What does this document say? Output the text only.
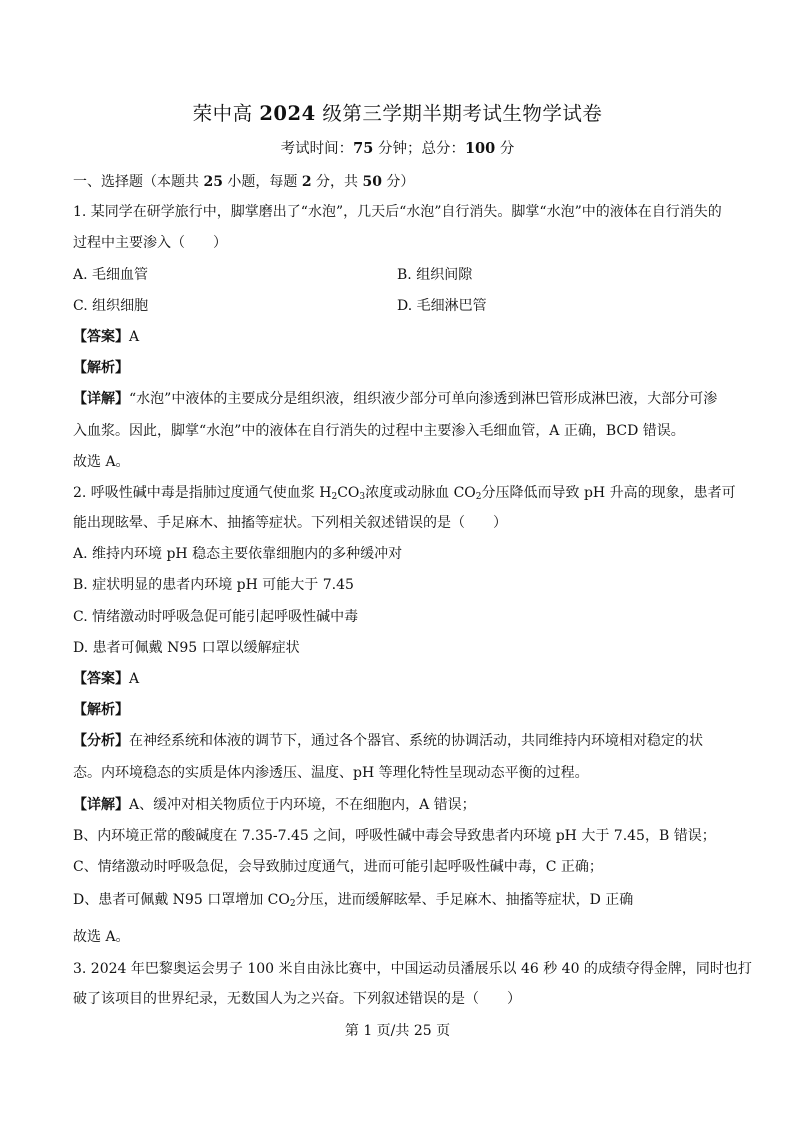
荣中高 2024 级第三学期半期考试生物学试卷
考试时间：75 分钟；总分：100 分
一、选择题（本题共 25 小题，每题 2 分，共 50 分）
1. 某同学在研学旅行中，脚掌磨出了“水泡”，几天后“水泡”自行消失。脚掌“水泡”中的液体在自行消失的
过程中主要渗入（　　）
A. 毛细血管	B. 组织间隙
C. 组织细胞	D. 毛细淋巴管
【答案】A
【解析】
【详解】“水泡”中液体的主要成分是组织液，组织液少部分可单向渗透到淋巴管形成淋巴液，大部分可渗
入血浆。因此，脚掌“水泡”中的液体在自行消失的过程中主要渗入毛细血管，A 正确，BCD 错误。
故选 A。
2. 呼吸性碱中毒是指肺过度通气使血浆 $H_2CO_3$浓度或动脉血 $CO_2$分压降低而导致 pH 升高的现象，患者可
能出现眩晕、手足麻木、抽搐等症状。下列相关叙述错误的是（　　）
A. 维持内环境 pH 稳态主要依靠细胞内的多种缓冲对
B. 症状明显的患者内环境 pH 可能大于 7.45
C. 情绪激动时呼吸急促可能引起呼吸性碱中毒
D. 患者可佩戴 N95 口罩以缓解症状
【答案】A
【解析】
【分析】在神经系统和体液的调节下，通过各个器官、系统的协调活动，共同维持内环境相对稳定的状
态。内环境稳态的实质是体内渗透压、温度、pH 等理化特性呈现动态平衡的过程。
【详解】A、缓冲对相关物质位于内环境，不在细胞内，A 错误；
B、内环境正常的酸碱度在 7.35-7.45 之间，呼吸性碱中毒会导致患者内环境 pH 大于 7.45，B 错误；
C、情绪激动时呼吸急促，会导致肺过度通气，进而可能引起呼吸性碱中毒，C 正确；
D、患者可佩戴 N95 口罩增加 $CO_2$分压，进而缓解眩晕、手足麻木、抽搐等症状，D 正确
故选 A。
3. 2024 年巴黎奥运会男子 100 米自由泳比赛中，中国运动员潘展乐以 46 秒 40 的成绩夺得金牌，同时也打
破了该项目的世界纪录，无数国人为之兴奋。下列叙述错误的是（　　）
第 1 页/共 25 页
